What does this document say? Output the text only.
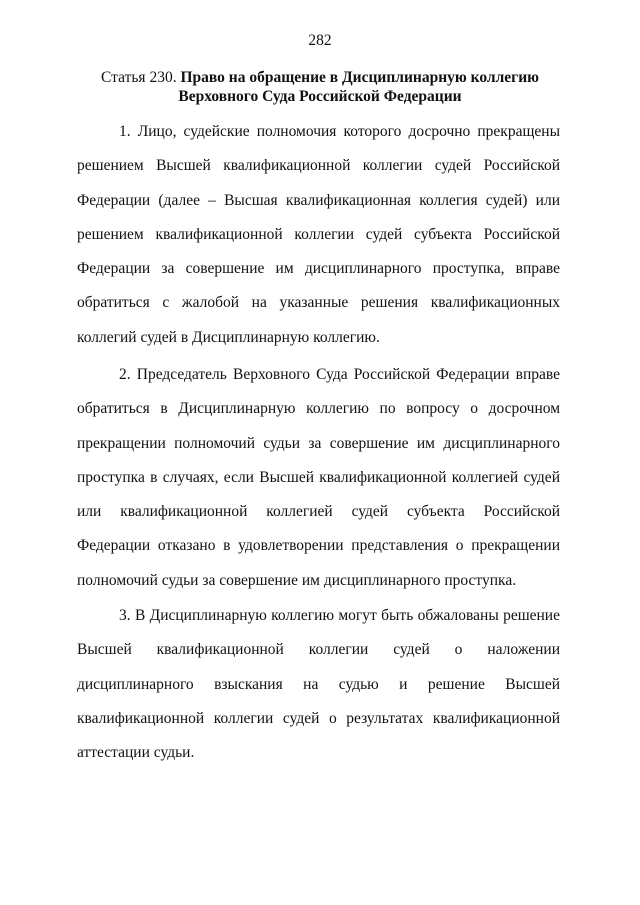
282
Статья 230. Право на обращение в Дисциплинарную коллегию
Верховного Суда Российской Федерации

1. Лицо, судейские полномочия которого досрочно прекращены решением Высшей квалификационной коллегии судей Российской Федерации (далее – Высшая квалификационная коллегия судей) или решением квалификационной коллегии судей субъекта Российской Федерации за совершение им дисциплинарного проступка, вправе обратиться с жалобой на указанные решения квалификационных коллегий судей в Дисциплинарную коллегию.

2. Председатель Верховного Суда Российской Федерации вправе обратиться в Дисциплинарную коллегию по вопросу о досрочном прекращении полномочий судьи за совершение им дисциплинарного проступка в случаях, если Высшей квалификационной коллегией судей или квалификационной коллегией судей субъекта Российской Федерации отказано в удовлетворении представления о прекращении полномочий судьи за совершение им дисциплинарного проступка.

3. В Дисциплинарную коллегию могут быть обжалованы решение Высшей квалификационной коллегии судей о наложении дисциплинарного взыскания на судью и решение Высшей квалификационной коллегии судей о результатах квалификационной аттестации судьи.
